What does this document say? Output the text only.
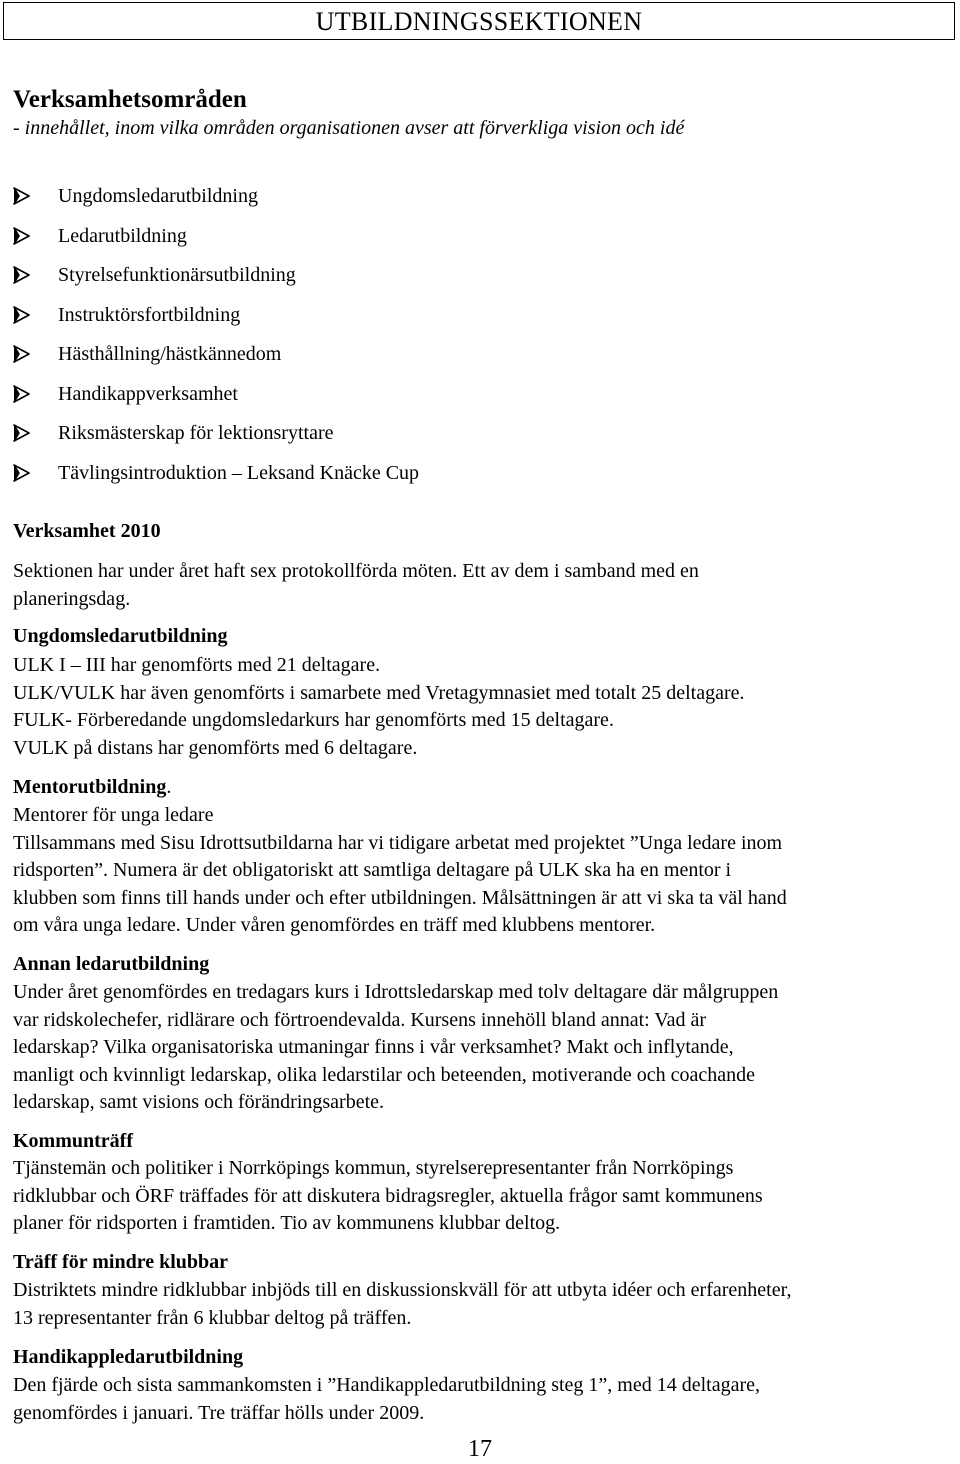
UTBILDNINGSSEKTIONEN
Verksamhetsområden
- innehållet, inom vilka områden organisationen avser att förverkliga vision och idé
Ungdomsledarutbildning
Ledarutbildning
Styrelsefunktionärsutbildning
Instruktörsfortbildning
Hästhållning/hästkännedom
Handikappverksamhet
Riksmästerskap för lektionsryttare
Tävlingsintroduktion – Leksand Knäcke Cup
Verksamhet 2010
Sektionen har under året haft sex protokollförda möten. Ett av dem i samband med en
planeringsdag.
Ungdomsledarutbildning
ULK I – III har genomförts med 21 deltagare.
ULK/VULK har även genomförts i samarbete med Vretagymnasiet med totalt 25 deltagare.
FULK- Förberedande ungdomsledarkurs har genomförts med 15 deltagare.
VULK på distans har genomförts med 6 deltagare.
Mentorutbildning.
Mentorer för unga ledare
Tillsammans med Sisu Idrottsutbildarna har vi tidigare arbetat med projektet ”Unga ledare inom
ridsporten”. Numera är det obligatoriskt att samtliga deltagare på ULK ska ha en mentor i
klubben som finns till hands under och efter utbildningen. Målsättningen är att vi ska ta väl hand
om våra unga ledare. Under våren genomfördes en träff med klubbens mentorer.
Annan ledarutbildning
Under året genomfördes en tredagars kurs i Idrottsledarskap med tolv deltagare där målgruppen
var ridskolechefer, ridlärare och förtroendevalda. Kursens innehöll bland annat: Vad är
ledarskap? Vilka organisatoriska utmaningar finns i vår verksamhet? Makt och inflytande,
manligt och kvinnligt ledarskap, olika ledarstilar och beteenden, motiverande och coachande
ledarskap, samt visions och förändringsarbete.
Kommunträff
Tjänstemän och politiker i Norrköpings kommun, styrelserepresentanter från Norrköpings
ridklubbar och ÖRF träffades för att diskutera bidragsregler, aktuella frågor samt kommunens
planer för ridsporten i framtiden. Tio av kommunens klubbar deltog.
Träff för mindre klubbar
Distriktets mindre ridklubbar inbjöds till en diskussionskväll för att utbyta idéer och erfarenheter,
13 representanter från 6 klubbar deltog på träffen.
Handikappledarutbildning
Den fjärde och sista sammankomsten i ”Handikappledarutbildning steg 1”, med 14 deltagare,
genomfördes i januari. Tre träffar hölls under 2009.
17
